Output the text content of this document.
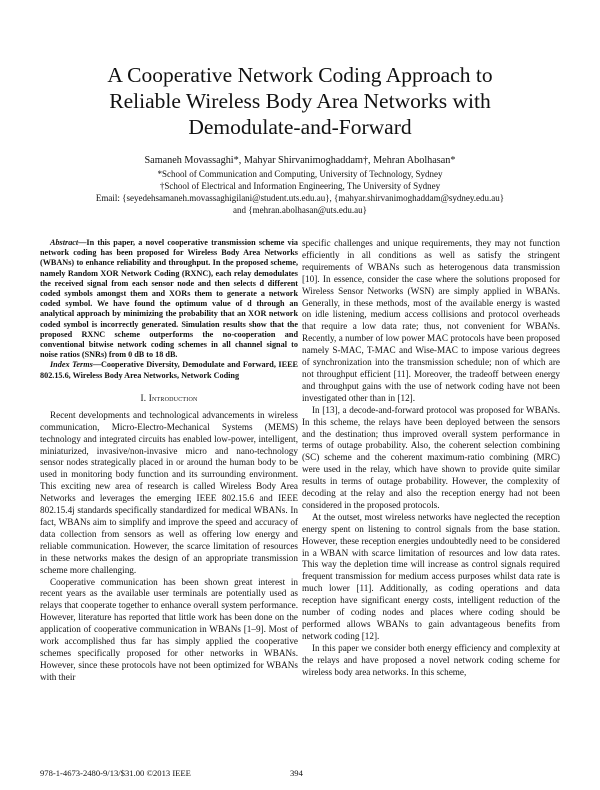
A Cooperative Network Coding Approach to
Reliable Wireless Body Area Networks with
Demodulate-and-Forward
Samaneh Movassaghi*, Mahyar Shirvanimoghaddam†, Mehran Abolhasan*
*School of Communication and Computing, University of Technology, Sydney
†School of Electrical and Information Engineering, The University of Sydney
Email: {seyedehsamaneh.movassaghigilani@student.uts.edu.au}, {mahyar.shirvanimoghaddam@sydney.edu.au}
and {mehran.abolhasan@uts.edu.au}

Abstract—In this paper, a novel cooperative transmission scheme via network coding has been proposed for Wireless Body Area Networks (WBANs) to enhance reliability and throughput. In the proposed scheme, namely Random XOR Network Coding (RXNC), each relay demodulates the received signal from each sensor node and then selects d different coded symbols amongst them and XORs them to generate a network coded symbol. We have found the optimum value of d through an analytical approach by minimizing the probability that an XOR network coded symbol is incorrectly generated. Simulation results show that the proposed RXNC scheme outperforms the no-cooperation and conventional bitwise network coding schemes in all channel signal to noise ratios (SNRs) from 0 dB to 18 dB.

Index Terms—Cooperative Diversity, Demodulate and Forward, IEEE 802.15.6, Wireless Body Area Networks, Network Coding

I. Introduction

Recent developments and technological advancements in wireless communication, Micro-Electro-Mechanical Systems (MEMS) technology and integrated circuits has enabled low-power, intelligent, miniaturized, invasive/non-invasive micro and nano-technology sensor nodes strategically placed in or around the human body to be used in monitoring body function and its surrounding environment. This exciting new area of research is called Wireless Body Area Networks and leverages the emerging IEEE 802.15.6 and IEEE 802.15.4j standards specifically standardized for medical WBANs. In fact, WBANs aim to simplify and improve the speed and accuracy of data collection from sensors as well as offering low energy and reliable communication. However, the scarce limitation of resources in these networks makes the design of an appropriate transmission scheme more challenging.

Cooperative communication has been shown great interest in recent years as the available user terminals are potentially used as relays that cooperate together to enhance overall system performance. However, literature has reported that little work has been done on the application of cooperative communication in WBANs [1–9]. Most of work accomplished thus far has simply applied the cooperative schemes specifically proposed for other networks in WBANs. However, since these protocols have not been optimized for WBANs with their

specific challenges and unique requirements, they may not function efficiently in all conditions as well as satisfy the stringent requirements of WBANs such as heterogenous data transmission [10]. In essence, consider the case where the solutions proposed for Wireless Sensor Networks (WSN) are simply applied in WBANs. Generally, in these methods, most of the available energy is wasted on idle listening, medium access collisions and protocol overheads that require a low data rate; thus, not convenient for WBANs. Recently, a number of low power MAC protocols have been proposed namely S-MAC, T-MAC and Wise-MAC to impose various degrees of synchronization into the transmission schedule; non of which are not throughput efficient [11]. Moreover, the tradeoff between energy and throughput gains with the use of network coding have not been investigated other than in [12].

In [13], a decode-and-forward protocol was proposed for WBANs. In this scheme, the relays have been deployed between the sensors and the destination; thus improved overall system performance in terms of outage probability. Also, the coherent selection combining (SC) scheme and the coherent maximum-ratio combining (MRC) were used in the relay, which have shown to provide quite similar results in terms of outage probability. However, the complexity of decoding at the relay and also the reception energy had not been considered in the proposed protocols.

At the outset, most wireless networks have neglected the reception energy spent on listening to control signals from the base station. However, these reception energies undoubtedly need to be considered in a WBAN with scarce limitation of resources and low data rates. This way the depletion time will increase as control signals required frequent transmission for medium access purposes whilst data rate is much lower [11]. Additionally, as coding operations and data reception have significant energy costs, intelligent reduction of the number of coding nodes and places where coding should be performed allows WBANs to gain advantageous benefits from network coding [12].

In this paper we consider both energy efficiency and complexity at the relays and have proposed a novel network coding scheme for wireless body area networks. In this scheme,

978-1-4673-2480-9/13/$31.00 ©2013 IEEE	394
